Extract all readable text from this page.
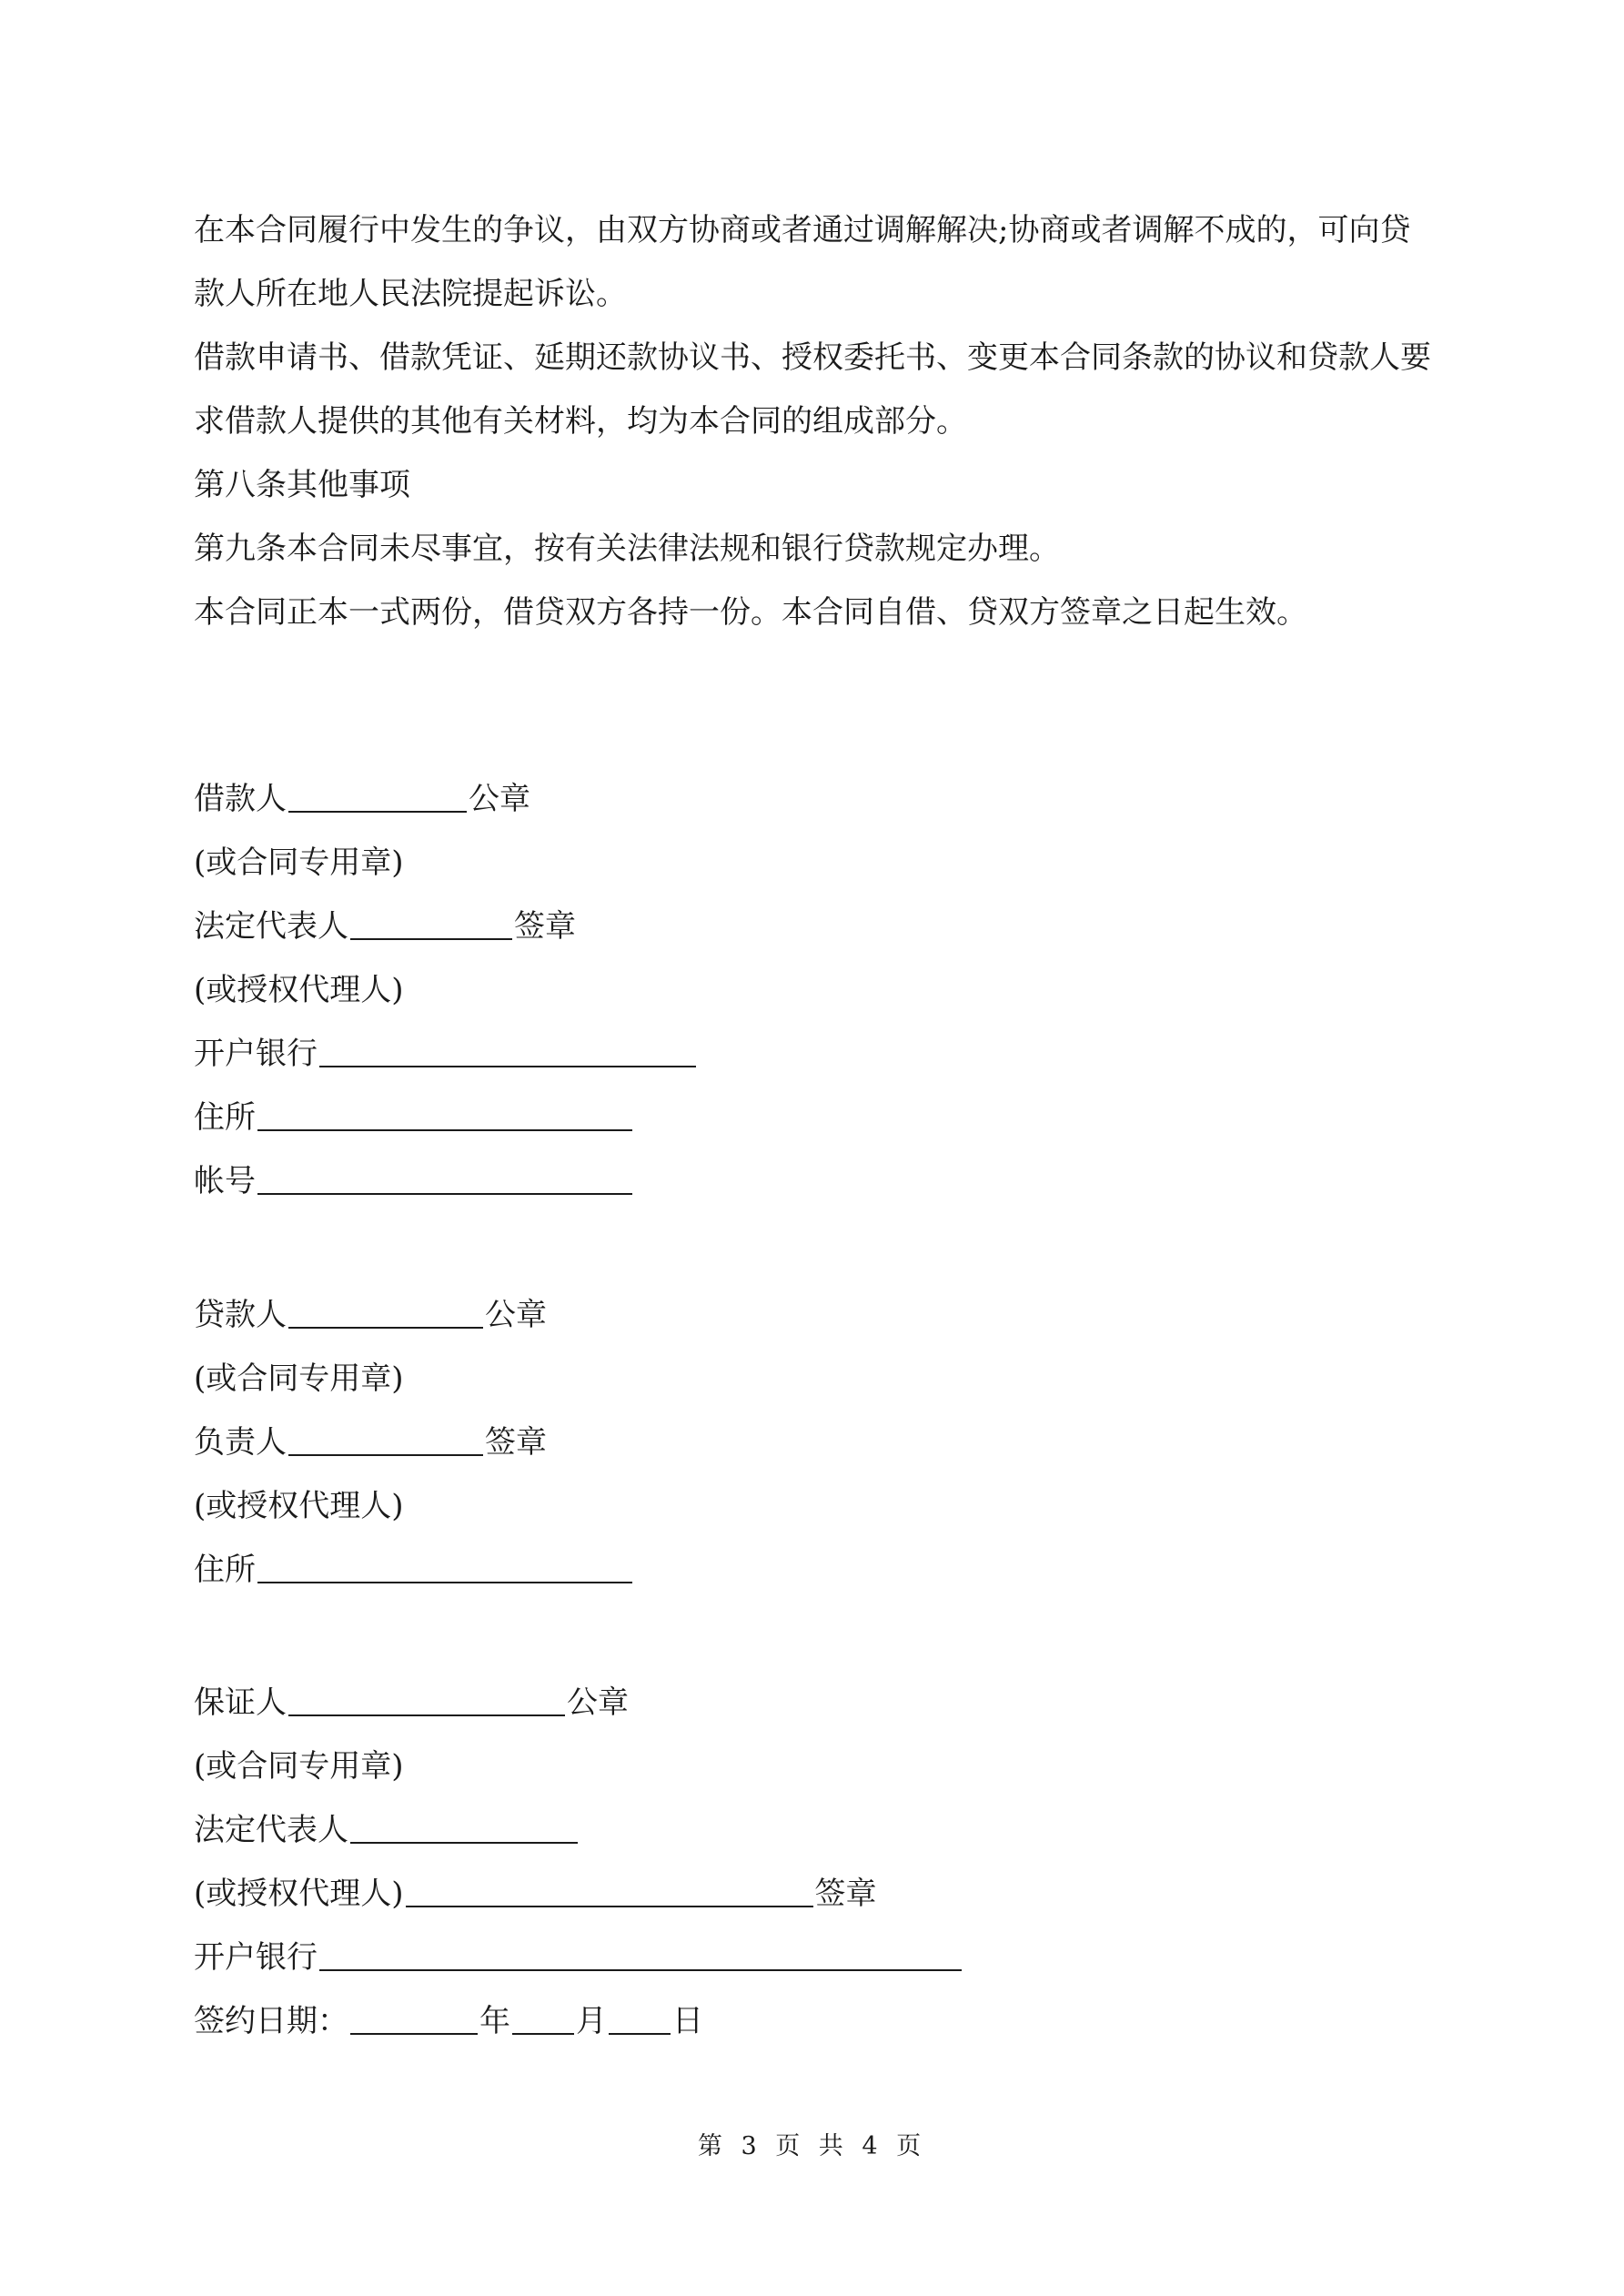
在本合同履行中发生的争议，由双方协商或者通过调解解决;协商或者调解不成的，可向贷款人所在地人民法院提起诉讼。

借款申请书、借款凭证、延期还款协议书、授权委托书、变更本合同条款的协议和贷款人要求借款人提供的其他有关材料，均为本合同的组成部分。

第八条其他事项

第九条本合同未尽事宜，按有关法律法规和银行贷款规定办理。

本合同正本一式两份，借贷双方各持一份。本合同自借、贷双方签章之日起生效。

借款人	公章
(或合同专用章)
法定代表人	签章
(或授权代理人)
开户银行
住所
帐号
贷款人	公章
(或合同专用章)
负责人	签章
(或授权代理人)
住所
保证人	公章
(或合同专用章)
法定代表人
(或授权代理人)	签章
开户银行
签约日期：	年 月 日
第 3 页 共 4 页
